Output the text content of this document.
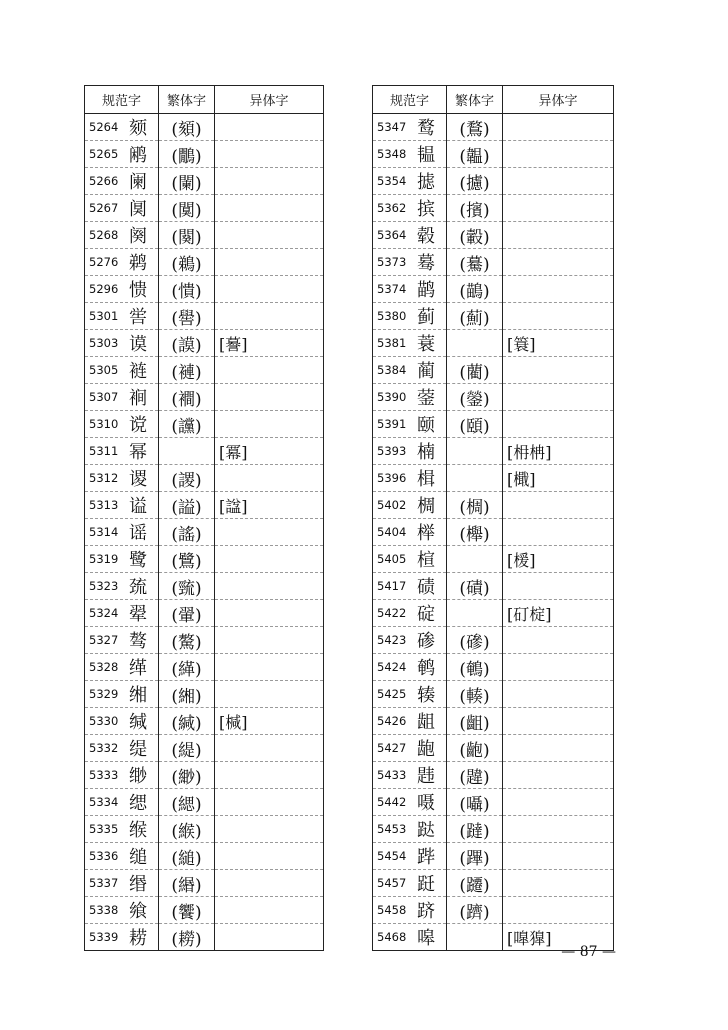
规范字	繁体字	异体字
5264 颏	(頦)	
5265 鹇	(鷳)	
5266 阑	(闌)	
5267 阒	(闃)	
5268 阕	(闋)	
5276 鹈	(鵜)	
5296 愦	(憒)	
5301 喾	(嚳)	
5303 谟	(謨)	[謩]
5305 裢	(褳)	
5307 裥	(襇)	
5310 谠	(讜)	
5311 幂		[冪]
5312 谡	(謖)	
5313 谥	(謚)	[諡]
5314 谣	(謠)	
5319 鹭	(鷺)	
5323 巯	(巰)	
5324 翚	(翬)	
5327 骜	(驁)	
5328 缂	(緙)	
5329 缃	(緗)	
5330 缄	(緘)	[椷]
5332 缇	(緹)	
5333 缈	(緲)	
5334 缌	(緦)	
5335 缑	(緱)	
5336 缒	(縋)	
5337 缗	(緡)	
5338 飨	(饗)	
5339 耢	(耮)	
规范字	繁体字	异体字
5347 鹜	(鶩)	
5348 韫	(韞)	
5354 摅	(攄)	
5362 摈	(擯)	
5364 毂	(轂)	
5373 蓦	(驀)	
5374 鹋	(鶓)	
5380 蓟	(薊)	
5381 蓑		[簑]
5384 蔺	(藺)	
5390 蓥	(鎣)	
5391 颐	(頤)	
5393 楠		[枏柟]
5396 楫		[檝]
5402 椆	(椆)	
5404 榉	(櫸)	
5405 楦		[楥]
5417 碛	(磧)	
5422 碇		[矴椗]
5423 碜	(磣)	
5424 鹌	(鵪)	
5425 辏	(輳)	
5426 龃	(齟)	
5427 龅	(齙)	
5433 韪	(韙)	
5442 嗫	(囁)	
5453 跶	(躂)	
5454 跸	(蹕)	
5457 跹	(躚)	
5458 跻	(躋)	
5468 嗥		[嘷獋]
— 87 —
